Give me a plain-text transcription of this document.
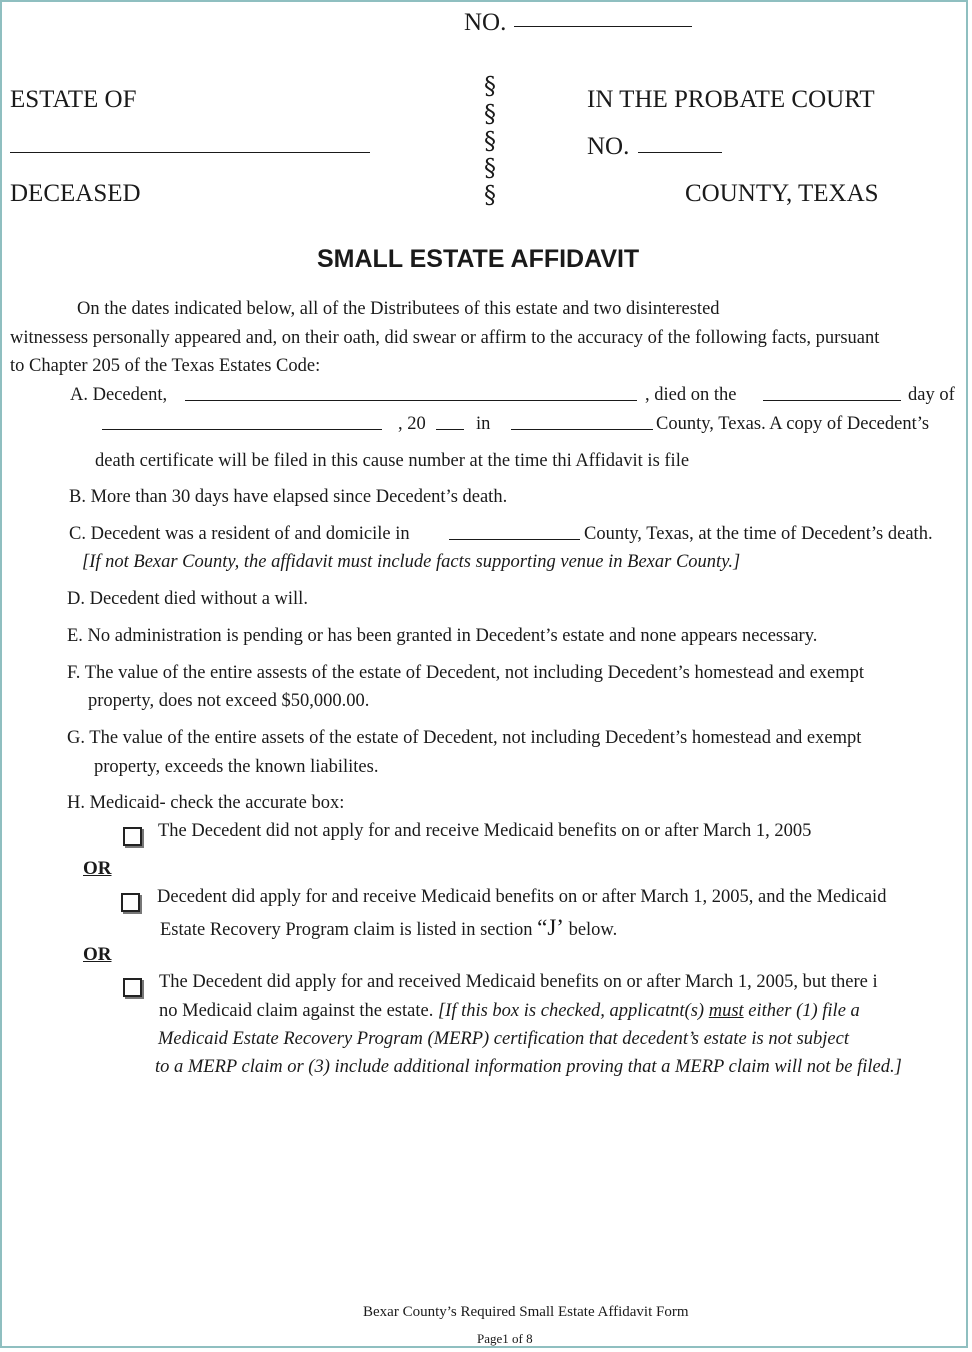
NO.
ESTATE OF
DECEASED
§
§
§
§
§
IN THE PROBATE COURT
NO.
COUNTY, TEXAS
SMALL ESTATE AFFIDAVIT
On the dates indicated below, all of the Distributees of this estate and two disinterested
witnessess personally appeared and, on their oath, did swear or affirm to the accuracy of the following facts, pursuant
to Chapter 205 of the Texas Estates Code:
A. Decedent,	, died on the	day of
, 20	in	County, Texas. A copy of Decedent’s
death certificate will be filed in this cause number at the time thi Affidavit is file
B. More than 30 days have elapsed since Decedent’s death.
C. Decedent was a resident of and domicile in	County, Texas, at the time of Decedent’s death.
[If not Bexar County, the affidavit must include facts supporting venue in Bexar County.]
D. Decedent died without a will.
E. No administration is pending or has been granted in Decedent’s estate and none appears necessary.
F. The value of the entire assests of the estate of Decedent, not including Decedent’s homestead and exempt
property, does not exceed $50,000.00.
G. The value of the entire assets of the estate of Decedent, not including Decedent’s homestead and exempt
property, exceeds the known liabilites.
H. Medicaid- check the accurate box:
The Decedent did not apply for and receive Medicaid benefits on or after March 1, 2005
OR
Decedent did apply for and receive Medicaid benefits on or after March 1, 2005, and the Medicaid
Estate Recovery Program claim is listed in section “J’ below.
OR
The Decedent did apply for and received Medicaid benefits on or after March 1, 2005, but there i
no Medicaid claim against the estate. [If this box is checked, applicatnt(s) must either (1) file a
Medicaid Estate Recovery Program (MERP) certification that decedent’s estate is not subject
to a MERP claim or (3) include additional information proving that a MERP claim will not be filed.]
Bexar County’s Required Small Estate Affidavit Form
Page1 of 8
